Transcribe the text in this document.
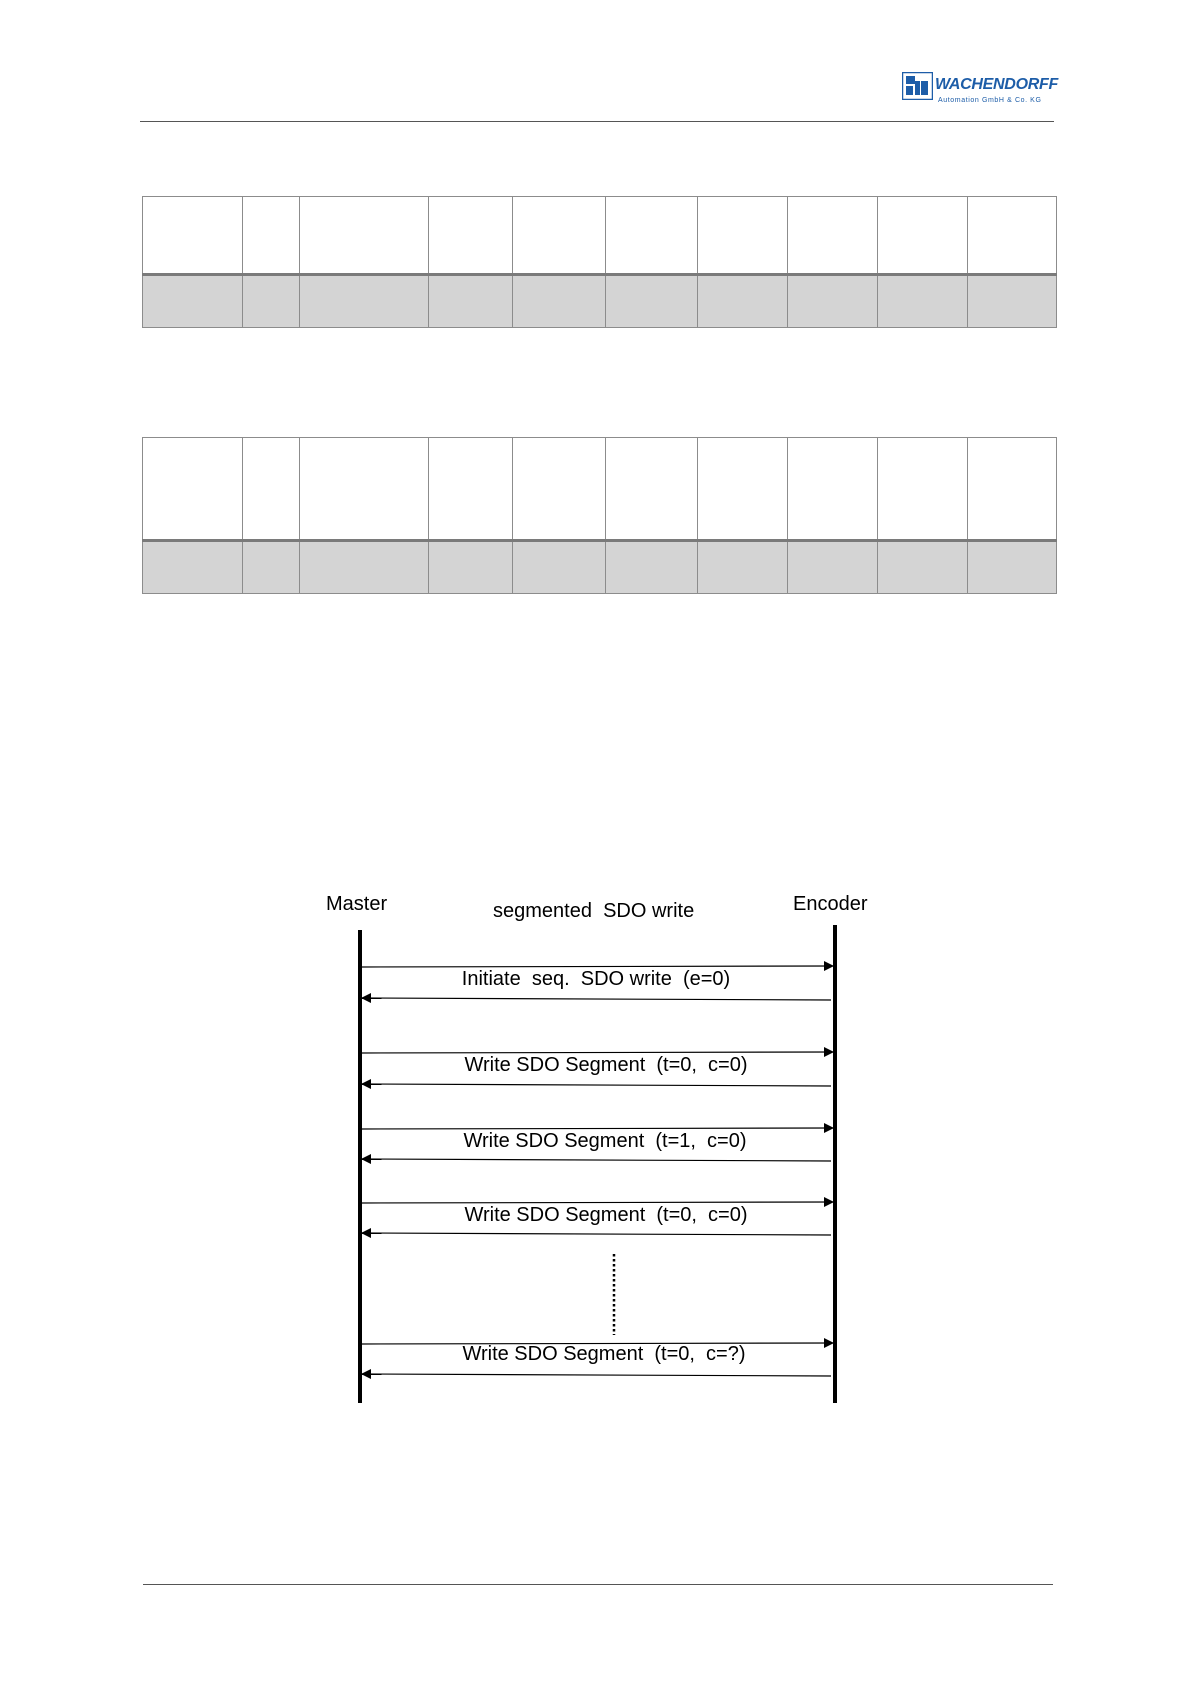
WACHENDORFF
Automation GmbH & Co. KG

Master	segmented  SDO write	Encoder
Initiate  seq.  SDO write  (e=0)
Write SDO Segment  (t=0,  c=0)
Write SDO Segment  (t=1,  c=0)
Write SDO Segment  (t=0,  c=0)
Write SDO Segment  (t=0,  c=?)
